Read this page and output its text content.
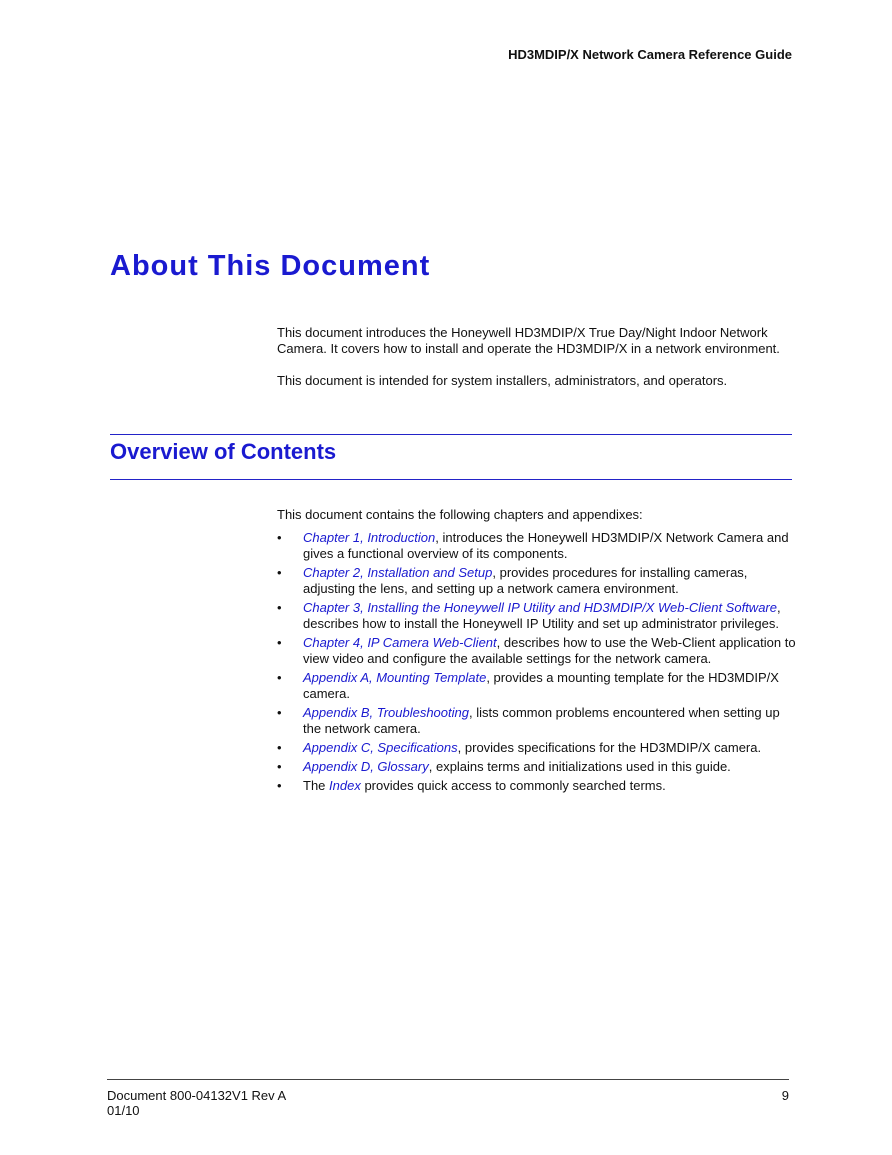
HD3MDIP/X Network Camera Reference Guide
About This Document

This document introduces the Honeywell HD3MDIP/X True Day/Night Indoor Network Camera. It covers how to install and operate the HD3MDIP/X in a network environment.

This document is intended for system installers, administrators, and operators.

Overview of Contents

This document contains the following chapters and appendixes:

• Chapter 1, Introduction, introduces the Honeywell HD3MDIP/X Network Camera and gives a functional overview of its components.
• Chapter 2, Installation and Setup, provides procedures for installing cameras, adjusting the lens, and setting up a network camera environment.
• Chapter 3, Installing the Honeywell IP Utility and HD3MDIP/X Web-Client Software, describes how to install the Honeywell IP Utility and set up administrator privileges.
• Chapter 4, IP Camera Web-Client, describes how to use the Web-Client application to view video and configure the available settings for the network camera.
• Appendix A, Mounting Template, provides a mounting template for the HD3MDIP/X camera.
• Appendix B, Troubleshooting, lists common problems encountered when setting up the network camera.
• Appendix C, Specifications, provides specifications for the HD3MDIP/X camera.
• Appendix D, Glossary, explains terms and initializations used in this guide.
• The Index provides quick access to commonly searched terms.
Document 800-04132V1 Rev A
01/10
9
